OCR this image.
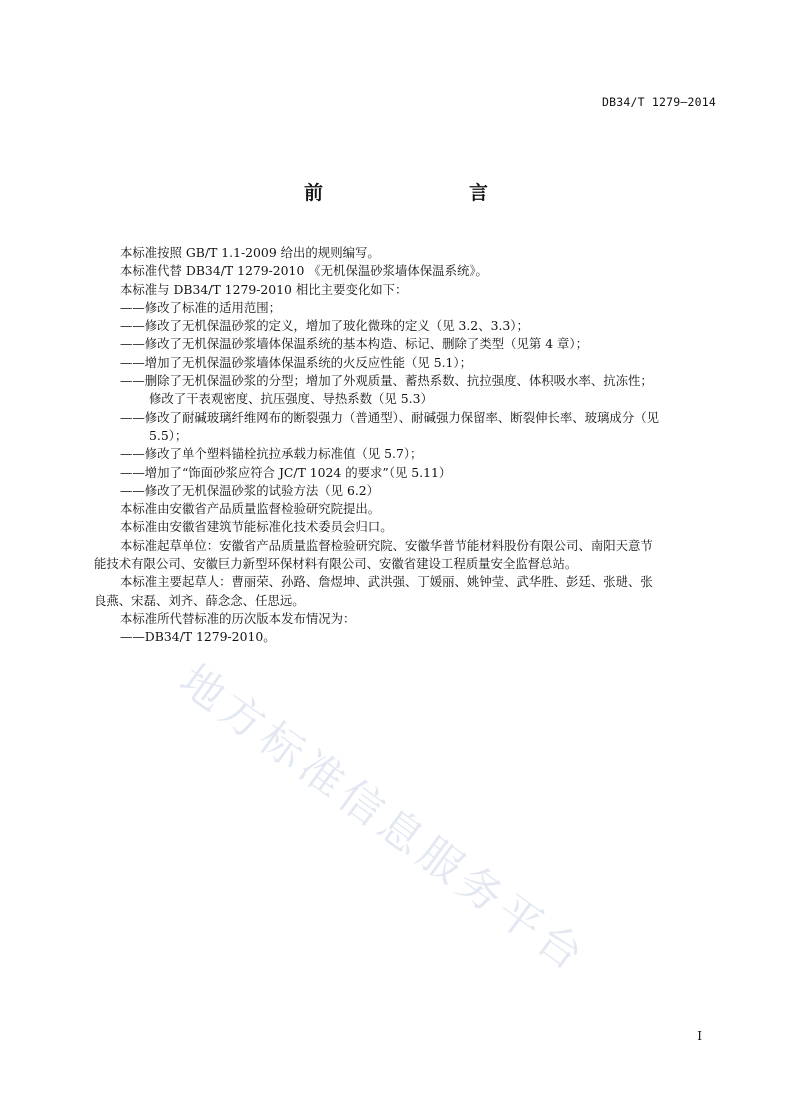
DB34/T 1279—2014
前　　言
本标准按照 GB/T 1.1-2009 给出的规则编写。
本标准代替 DB34/T 1279-2010 《无机保温砂浆墙体保温系统》。
本标准与 DB34/T 1279-2010 相比主要变化如下：
——修改了标准的适用范围；
——修改了无机保温砂浆的定义，增加了玻化微珠的定义（见 3.2、3.3）；
——修改了无机保温砂浆墙体保温系统的基本构造、标记、删除了类型（见第 4 章）；
——增加了无机保温砂浆墙体保温系统的火反应性能（见 5.1）；
——删除了无机保温砂浆的分型；增加了外观质量、蓄热系数、抗拉强度、体积吸水率、抗冻性；
修改了干表观密度、抗压强度、导热系数（见 5.3）
——修改了耐碱玻璃纤维网布的断裂强力（普通型）、耐碱强力保留率、断裂伸长率、玻璃成分（见
5.5）；
——修改了单个塑料锚栓抗拉承载力标准值（见 5.7）；
——增加了“饰面砂浆应符合 JC/T 1024 的要求”（见 5.11）
——修改了无机保温砂浆的试验方法（见 6.2）
本标准由安徽省产品质量监督检验研究院提出。
本标准由安徽省建筑节能标准化技术委员会归口。
本标准起草单位：安徽省产品质量监督检验研究院、安徽华普节能材料股份有限公司、南阳天意节
能技术有限公司、安徽巨力新型环保材料有限公司、安徽省建设工程质量安全监督总站。
本标准主要起草人：曹丽荣、孙路、詹煜坤、武洪强、丁媛丽、姚钟莹、武华胜、彭廷、张琎、张
良燕、宋磊、刘齐、薛念念、任思远。
本标准所代替标准的历次版本发布情况为：
——DB34/T 1279-2010。
地方标准信息服务平台
I
